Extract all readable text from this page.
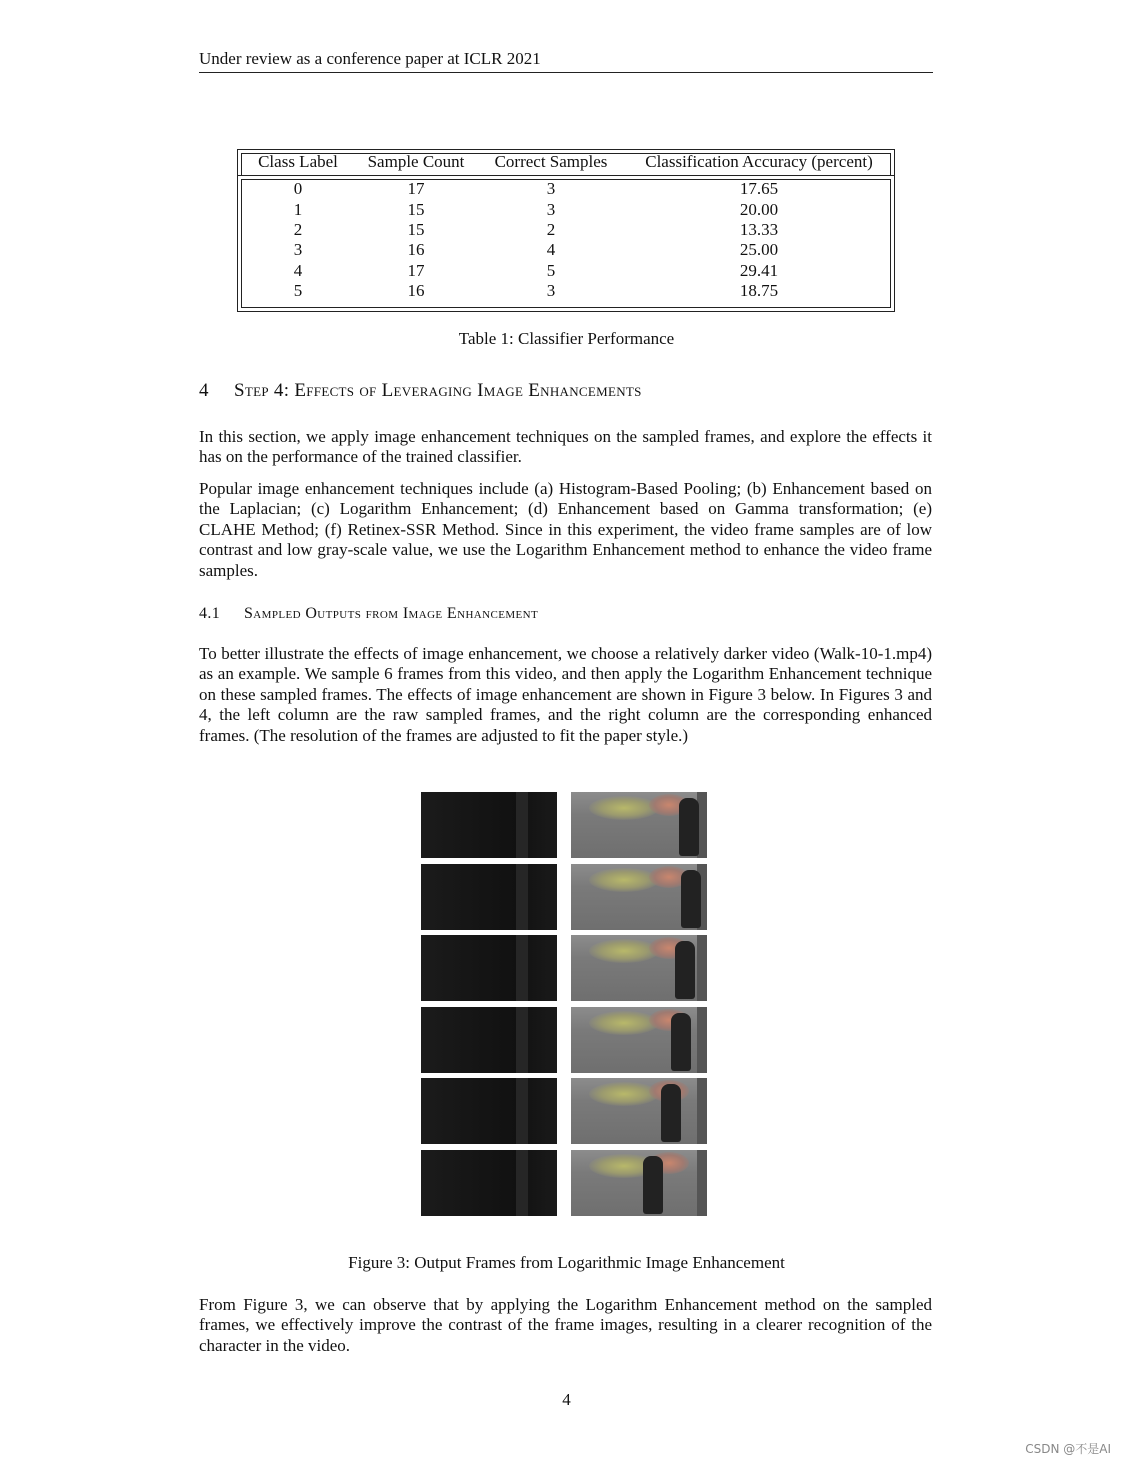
Under review as a conference paper at ICLR 2021
Class Label	Sample Count	Correct Samples	Classification Accuracy (percent)
0	17	3	17.65
1	15	3	20.00
2	15	2	13.33
3	16	4	25.00
4	17	5	29.41
5	16	3	18.75
Table 1: Classifier Performance
4 Step 4: Effects of Leveraging Image Enhancements

In this section, we apply image enhancement techniques on the sampled frames, and explore the effects it has on the performance of the trained classifier.

Popular image enhancement techniques include (a) Histogram-Based Pooling; (b) Enhancement based on the Laplacian; (c) Logarithm Enhancement; (d) Enhancement based on Gamma transformation; (e) CLAHE Method; (f) Retinex-SSR Method. Since in this experiment, the video frame samples are of low contrast and low gray-scale value, we use the Logarithm Enhancement method to enhance the video frame samples.

4.1 Sampled Outputs from Image Enhancement

To better illustrate the effects of image enhancement, we choose a relatively darker video (Walk-10-1.mp4) as an example. We sample 6 frames from this video, and then apply the Logarithm Enhancement technique on these sampled frames. The effects of image enhancement are shown in Figure 3 below. In Figures 3 and 4, the left column are the raw sampled frames, and the right column are the corresponding enhanced frames. (The resolution of the frames are adjusted to fit the paper style.)

Figure 3: Output Frames from Logarithmic Image Enhancement

From Figure 3, we can observe that by applying the Logarithm Enhancement method on the sampled frames, we effectively improve the contrast of the frame images, resulting in a clearer recognition of the character in the video.

4
CSDN @不是AI
